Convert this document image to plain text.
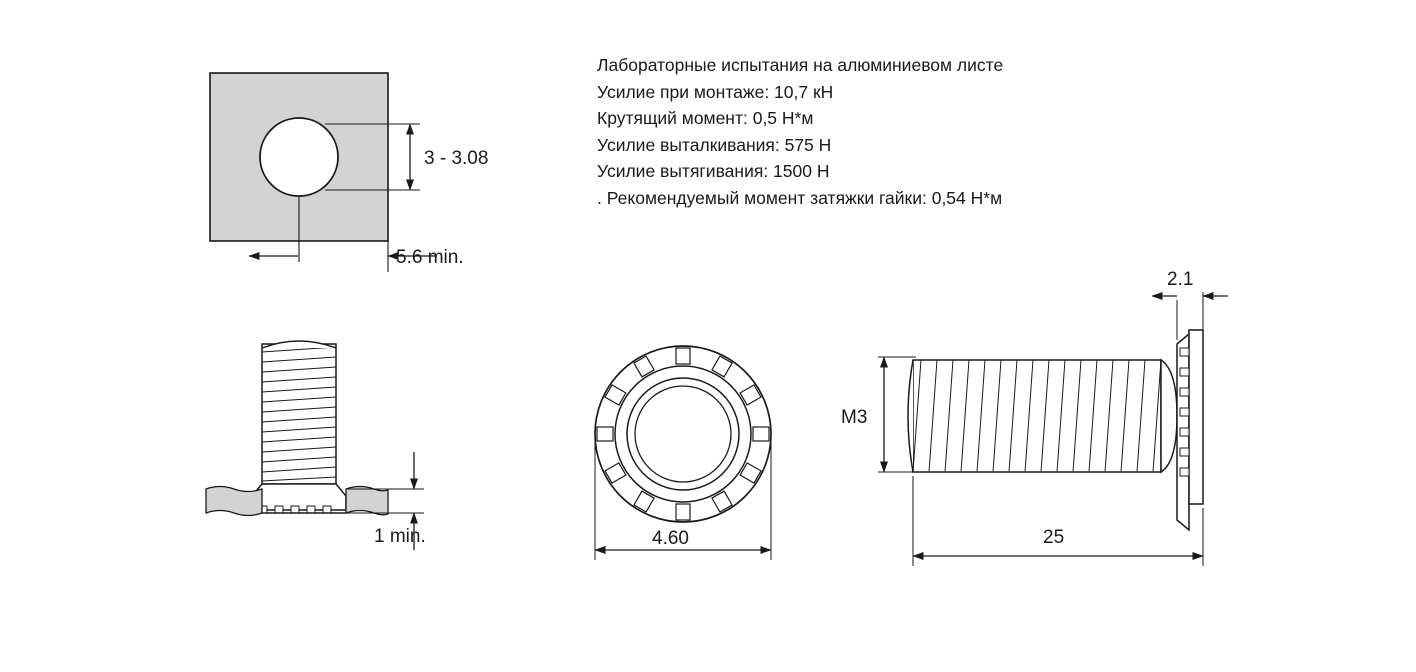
Лабораторные испытания на алюминиевом листе
Усилие при монтаже: 10,7 кН
Крутящий момент: 0,5 Н*м
Усилие выталкивания: 575 Н
Усилие вытягивания: 1500 Н
. Рекомендуемый момент затяжки гайки: 0,54 Н*м
3 - 3.08
5.6 min.
1 min.	4.60
M3
2.1
25
